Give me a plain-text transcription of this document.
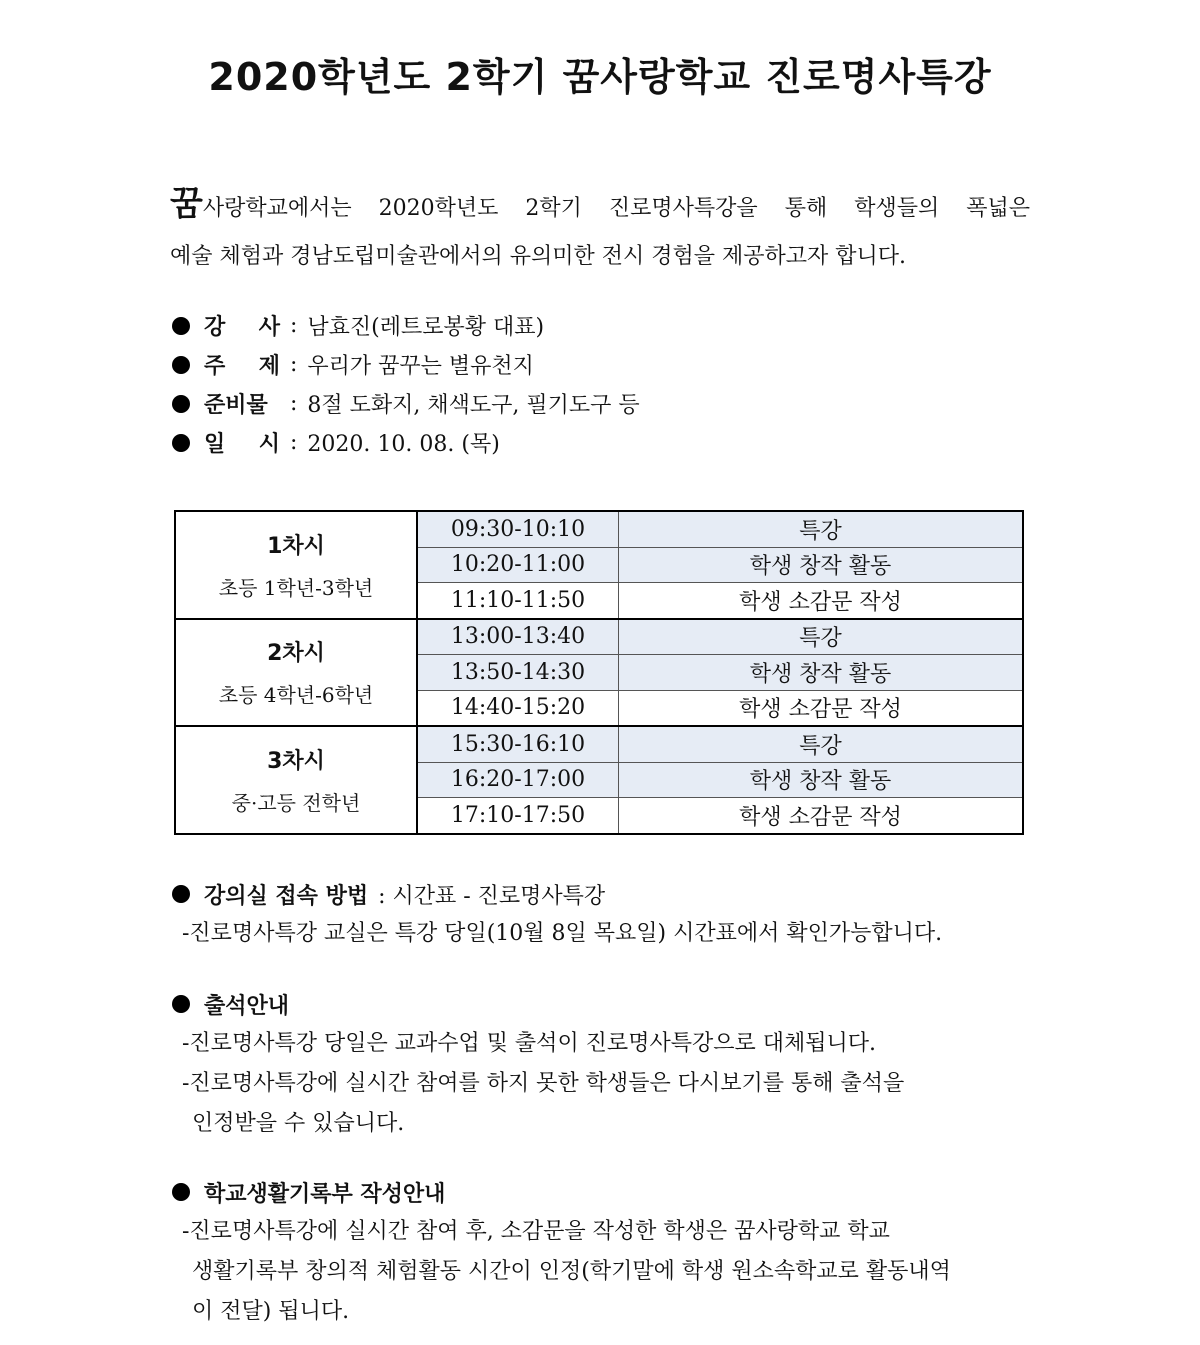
2020학년도 2학기 꿈사랑학교 진로명사특강
꿈사랑학교에서는 2020학년도 2학기 진로명사특강을 통해 학생들의 폭넓은
예술 체험과 경남도립미술관에서의 유의미한 전시 경험을 제공하고자 합니다.
강 사 : 남효진(레트로봉황 대표)
주 제 : 우리가 꿈꾸는 별유천지
준비물 : 8절 도화지, 채색도구, 필기도구 등
일 시 : 2020. 10. 08. (목)
1차시
초등 1학년-3학년	09:30-10:10	특강
	10:20-11:00	학생 창작 활동
	11:10-11:50	학생 소감문 작성

2차시
초등 4학년-6학년	13:00-13:40	특강
	13:50-14:30	학생 창작 활동
	14:40-15:20	학생 소감문 작성

3차시
중·고등 전학년	15:30-16:10	특강
	16:20-17:00	학생 창작 활동
	17:10-17:50	학생 소감문 작성
강의실 접속 방법 : 시간표 - 진로명사특강
-진로명사특강 교실은 특강 당일(10월 8일 목요일) 시간표에서 확인가능합니다.
출석안내
-진로명사특강 당일은 교과수업 및 출석이 진로명사특강으로 대체됩니다.
-진로명사특강에 실시간 참여를 하지 못한 학생들은 다시보기를 통해 출석을
인정받을 수 있습니다.
학교생활기록부 작성안내
-진로명사특강에 실시간 참여 후, 소감문을 작성한 학생은 꿈사랑학교 학교
생활기록부 창의적 체험활동 시간이 인정(학기말에 학생 원소속학교로 활동내역
이 전달) 됩니다.
